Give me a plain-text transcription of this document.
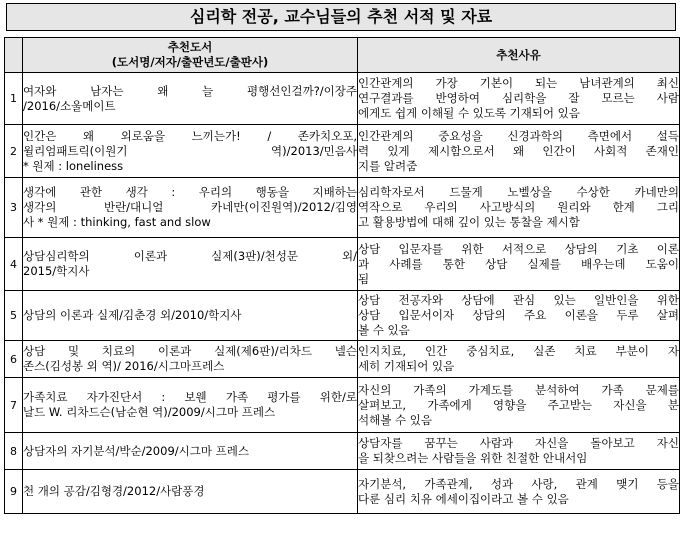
심리학 전공, 교수님들의 추천 서적 및 자료

	추천도서
(도서명/저자/출판년도/출판사)	추천사유
1	여자와 남자는 왜 늘 평행선인걸까?/이장주
/2016/소울메이트	인간관계의 가장 기본이 되는 남녀관계의 최신
연구결과를 반영하여 심리학을 잘 모르는 사람
에게도 쉽게 이해될 수 있도록 기재되어 있음

2	인간은 왜 외로움을 느끼는가! / 존카치오포,
윌리엄패트릭(이원기 역)/2013/민음사
* 원제 : loneliness	인간관계의 중요성을 신경과학의 측면에서 설득
력 있게 제시함으로서 왜 인간이 사회적 존재인
지를 알려줌

3	생각에 관한 생각 : 우리의 행동을 지배하는
생각의 반란/대니얼 카네만(이진원역)/2012/김영
사 * 원제 : thinking, fast and slow	심리학자로서 드물게 노벨상을 수상한 카네만의
역작으로 우리의 사고방식의 원리와 한계 그리
고 활용방법에 대해 깊이 있는 통찰을 제시함

4	상담심리학의 이론과 실제(3판)/천성문 외/
2015/학지사	상담 입문자를 위한 서적으로 상담의 기초 이론
과 사례를 통한 상담 실제를 배우는데 도움이
됨

5	상담의 이론과 실제/김춘경 외/2010/학지사	상담 전공자와 상담에 관심 있는 일반인을 위한
상담 입문서이자 상담의 주요 이론을 두루 살펴
볼 수 있음

6	상담 및 치료의 이론과 실제(제6판)/리차드 넬슨
존스(김성봉 외 역)/ 2016/시그마프레스	인지치료, 인간 중심치료, 실존 치료 부분이 자
세히 기재되어 있음

7	가족치료 자가진단서 : 보웬 가족 평가를 위한/로
날드 W. 리차드슨(남순현 역)/2009/시그마 프레스	자신의 가족의 가계도를 분석하여 가족 문제를
살펴보고, 가족에게 영향을 주고받는 자신을 분
석해볼 수 있음

8	상담자의 자기분석/박순/2009/시그마 프레스	상담자를 꿈꾸는 사람과 자신을 돌아보고 자신
을 되찾으려는 사람들을 위한 친절한 안내서임

9	천 개의 공감/김형경/2012/사람풍경	자기분석, 가족관계, 성과 사랑, 관계 맺기 등을
다룬 심리 치유 에세이집이라고 볼 수 있음
